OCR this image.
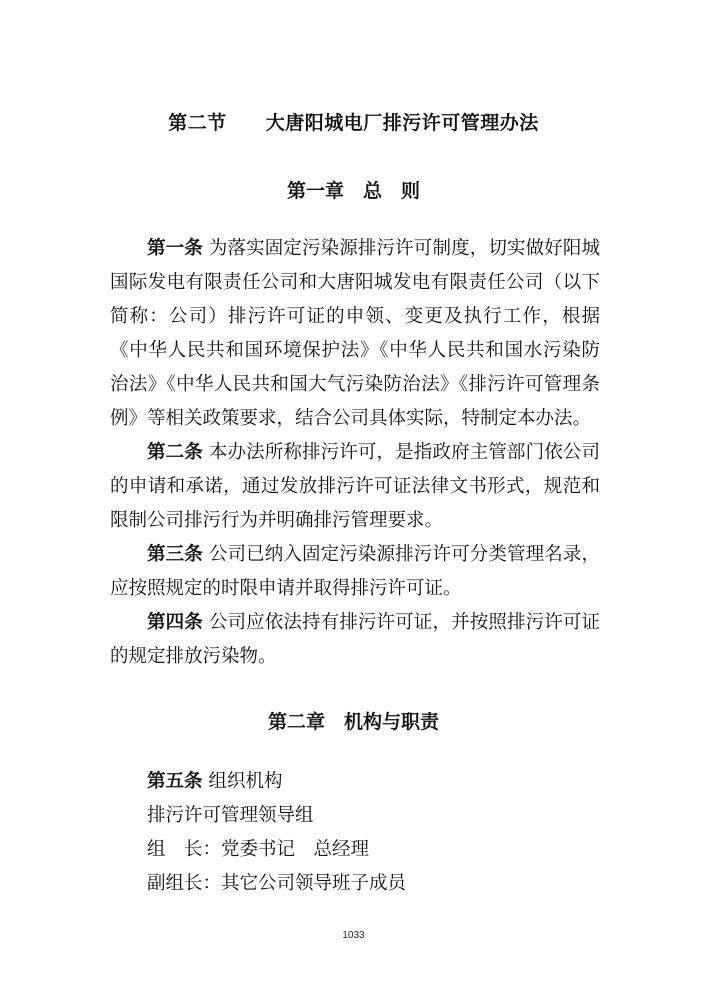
第二节　　大唐阳城电厂排污许可管理办法
第一章　总　则

第一条 为落实固定污染源排污许可制度，切实做好阳城国际发电有限责任公司和大唐阳城发电有限责任公司（以下简称：公司）排污许可证的申领、变更及执行工作，根据《中华人民共和国环境保护法》《中华人民共和国水污染防治法》《中华人民共和国大气污染防治法》《排污许可管理条例》等相关政策要求，结合公司具体实际，特制定本办法。

第二条 本办法所称排污许可，是指政府主管部门依公司的申请和承诺，通过发放排污许可证法律文书形式，规范和限制公司排污行为并明确排污管理要求。

第三条 公司已纳入固定污染源排污许可分类管理名录，应按照规定的时限申请并取得排污许可证。

第四条 公司应依法持有排污许可证，并按照排污许可证的规定排放污染物。

第二章　机构与职责
第五条 组织机构
排污许可管理领导组
组　长：党委书记　总经理
副组长：其它公司领导班子成员
1033
